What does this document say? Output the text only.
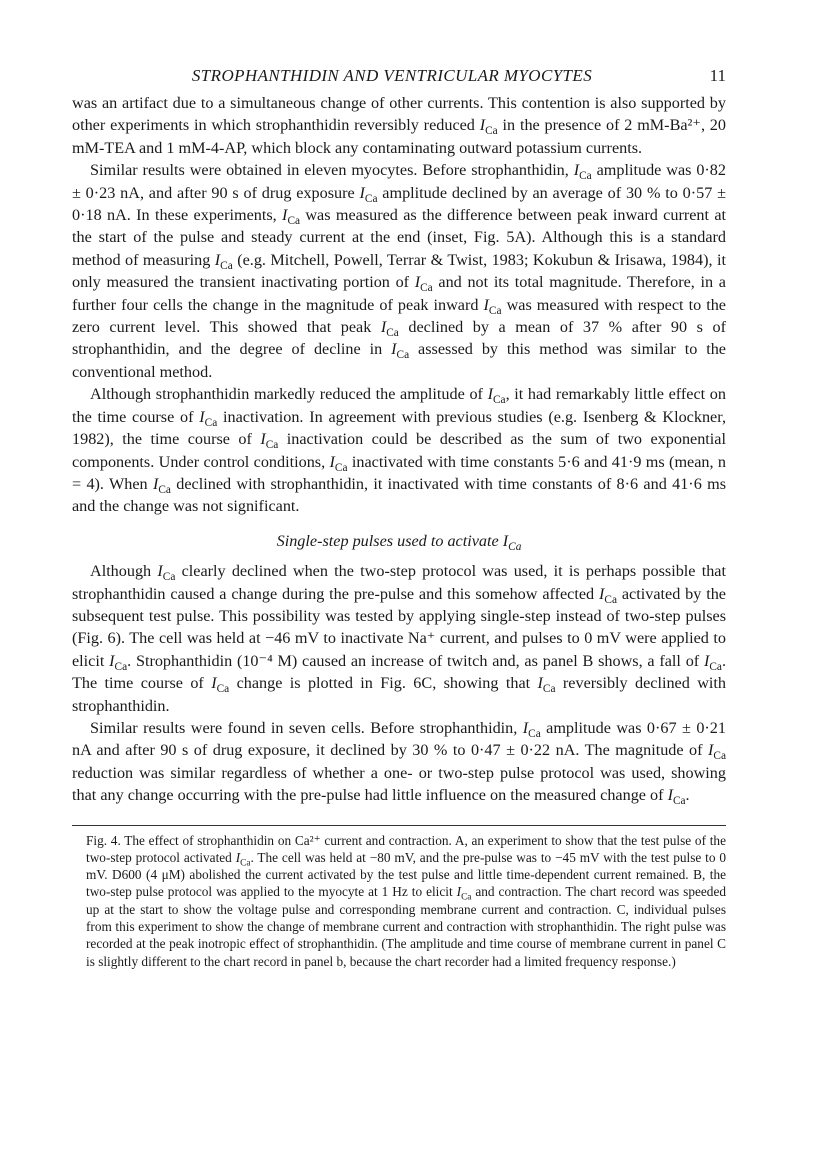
STROPHANTHIDIN AND VENTRICULAR MYOCYTES	11

was an artifact due to a simultaneous change of other currents. This contention is also supported by other experiments in which strophanthidin reversibly reduced $I_{Ca}$ in the presence of 2 mM-Ba²⁺, 20 mM-TEA and 1 mM-4-AP, which block any contaminating outward potassium currents.

Similar results were obtained in eleven myocytes. Before strophanthidin, $I_{Ca}$ amplitude was 0·82 ± 0·23 nA, and after 90 s of drug exposure $I_{Ca}$ amplitude declined by an average of 30 % to 0·57 ± 0·18 nA. In these experiments, $I_{Ca}$ was measured as the difference between peak inward current at the start of the pulse and steady current at the end (inset, Fig. 5A). Although this is a standard method of measuring $I_{Ca}$ (e.g. Mitchell, Powell, Terrar & Twist, 1983; Kokubun & Irisawa, 1984), it only measured the transient inactivating portion of $I_{Ca}$ and not its total magnitude. Therefore, in a further four cells the change in the magnitude of peak inward $I_{Ca}$ was measured with respect to the zero current level. This showed that peak $I_{Ca}$ declined by a mean of 37 % after 90 s of strophanthidin, and the degree of decline in $I_{Ca}$ assessed by this method was similar to the conventional method.

Although strophanthidin markedly reduced the amplitude of $I_{Ca}$, it had remarkably little effect on the time course of $I_{Ca}$ inactivation. In agreement with previous studies (e.g. Isenberg & Klockner, 1982), the time course of $I_{Ca}$ inactivation could be described as the sum of two exponential components. Under control conditions, $I_{Ca}$ inactivated with time constants 5·6 and 41·9 ms (mean, n = 4). When $I_{Ca}$ declined with strophanthidin, it inactivated with time constants of 8·6 and 41·6 ms and the change was not significant.

Single-step pulses used to activate $I_{Ca}$

Although $I_{Ca}$ clearly declined when the two-step protocol was used, it is perhaps possible that strophanthidin caused a change during the pre-pulse and this somehow affected $I_{Ca}$ activated by the subsequent test pulse. This possibility was tested by applying single-step instead of two-step pulses (Fig. 6). The cell was held at −46 mV to inactivate Na⁺ current, and pulses to 0 mV were applied to elicit $I_{Ca}$. Strophanthidin (10⁻⁴ M) caused an increase of twitch and, as panel B shows, a fall of $I_{Ca}$. The time course of $I_{Ca}$ change is plotted in Fig. 6C, showing that $I_{Ca}$ reversibly declined with strophanthidin.

Similar results were found in seven cells. Before strophanthidin, $I_{Ca}$ amplitude was 0·67 ± 0·21 nA and after 90 s of drug exposure, it declined by 30 % to 0·47 ± 0·22 nA. The magnitude of $I_{Ca}$ reduction was similar regardless of whether a one- or two-step pulse protocol was used, showing that any change occurring with the pre-pulse had little influence on the measured change of $I_{Ca}$.

Fig. 4. The effect of strophanthidin on Ca²⁺ current and contraction. A, an experiment to show that the test pulse of the two-step protocol activated $I_{Ca}$. The cell was held at −80 mV, and the pre-pulse was to −45 mV with the test pulse to 0 mV. D600 (4 μM) abolished the current activated by the test pulse and little time-dependent current remained. B, the two-step pulse protocol was applied to the myocyte at 1 Hz to elicit $I_{Ca}$ and contraction. The chart record was speeded up at the start to show the voltage pulse and corresponding membrane current and contraction. C, individual pulses from this experiment to show the change of membrane current and contraction with strophanthidin. The right pulse was recorded at the peak inotropic effect of strophanthidin. (The amplitude and time course of membrane current in panel C is slightly different to the chart record in panel b, because the chart recorder had a limited frequency response.)
